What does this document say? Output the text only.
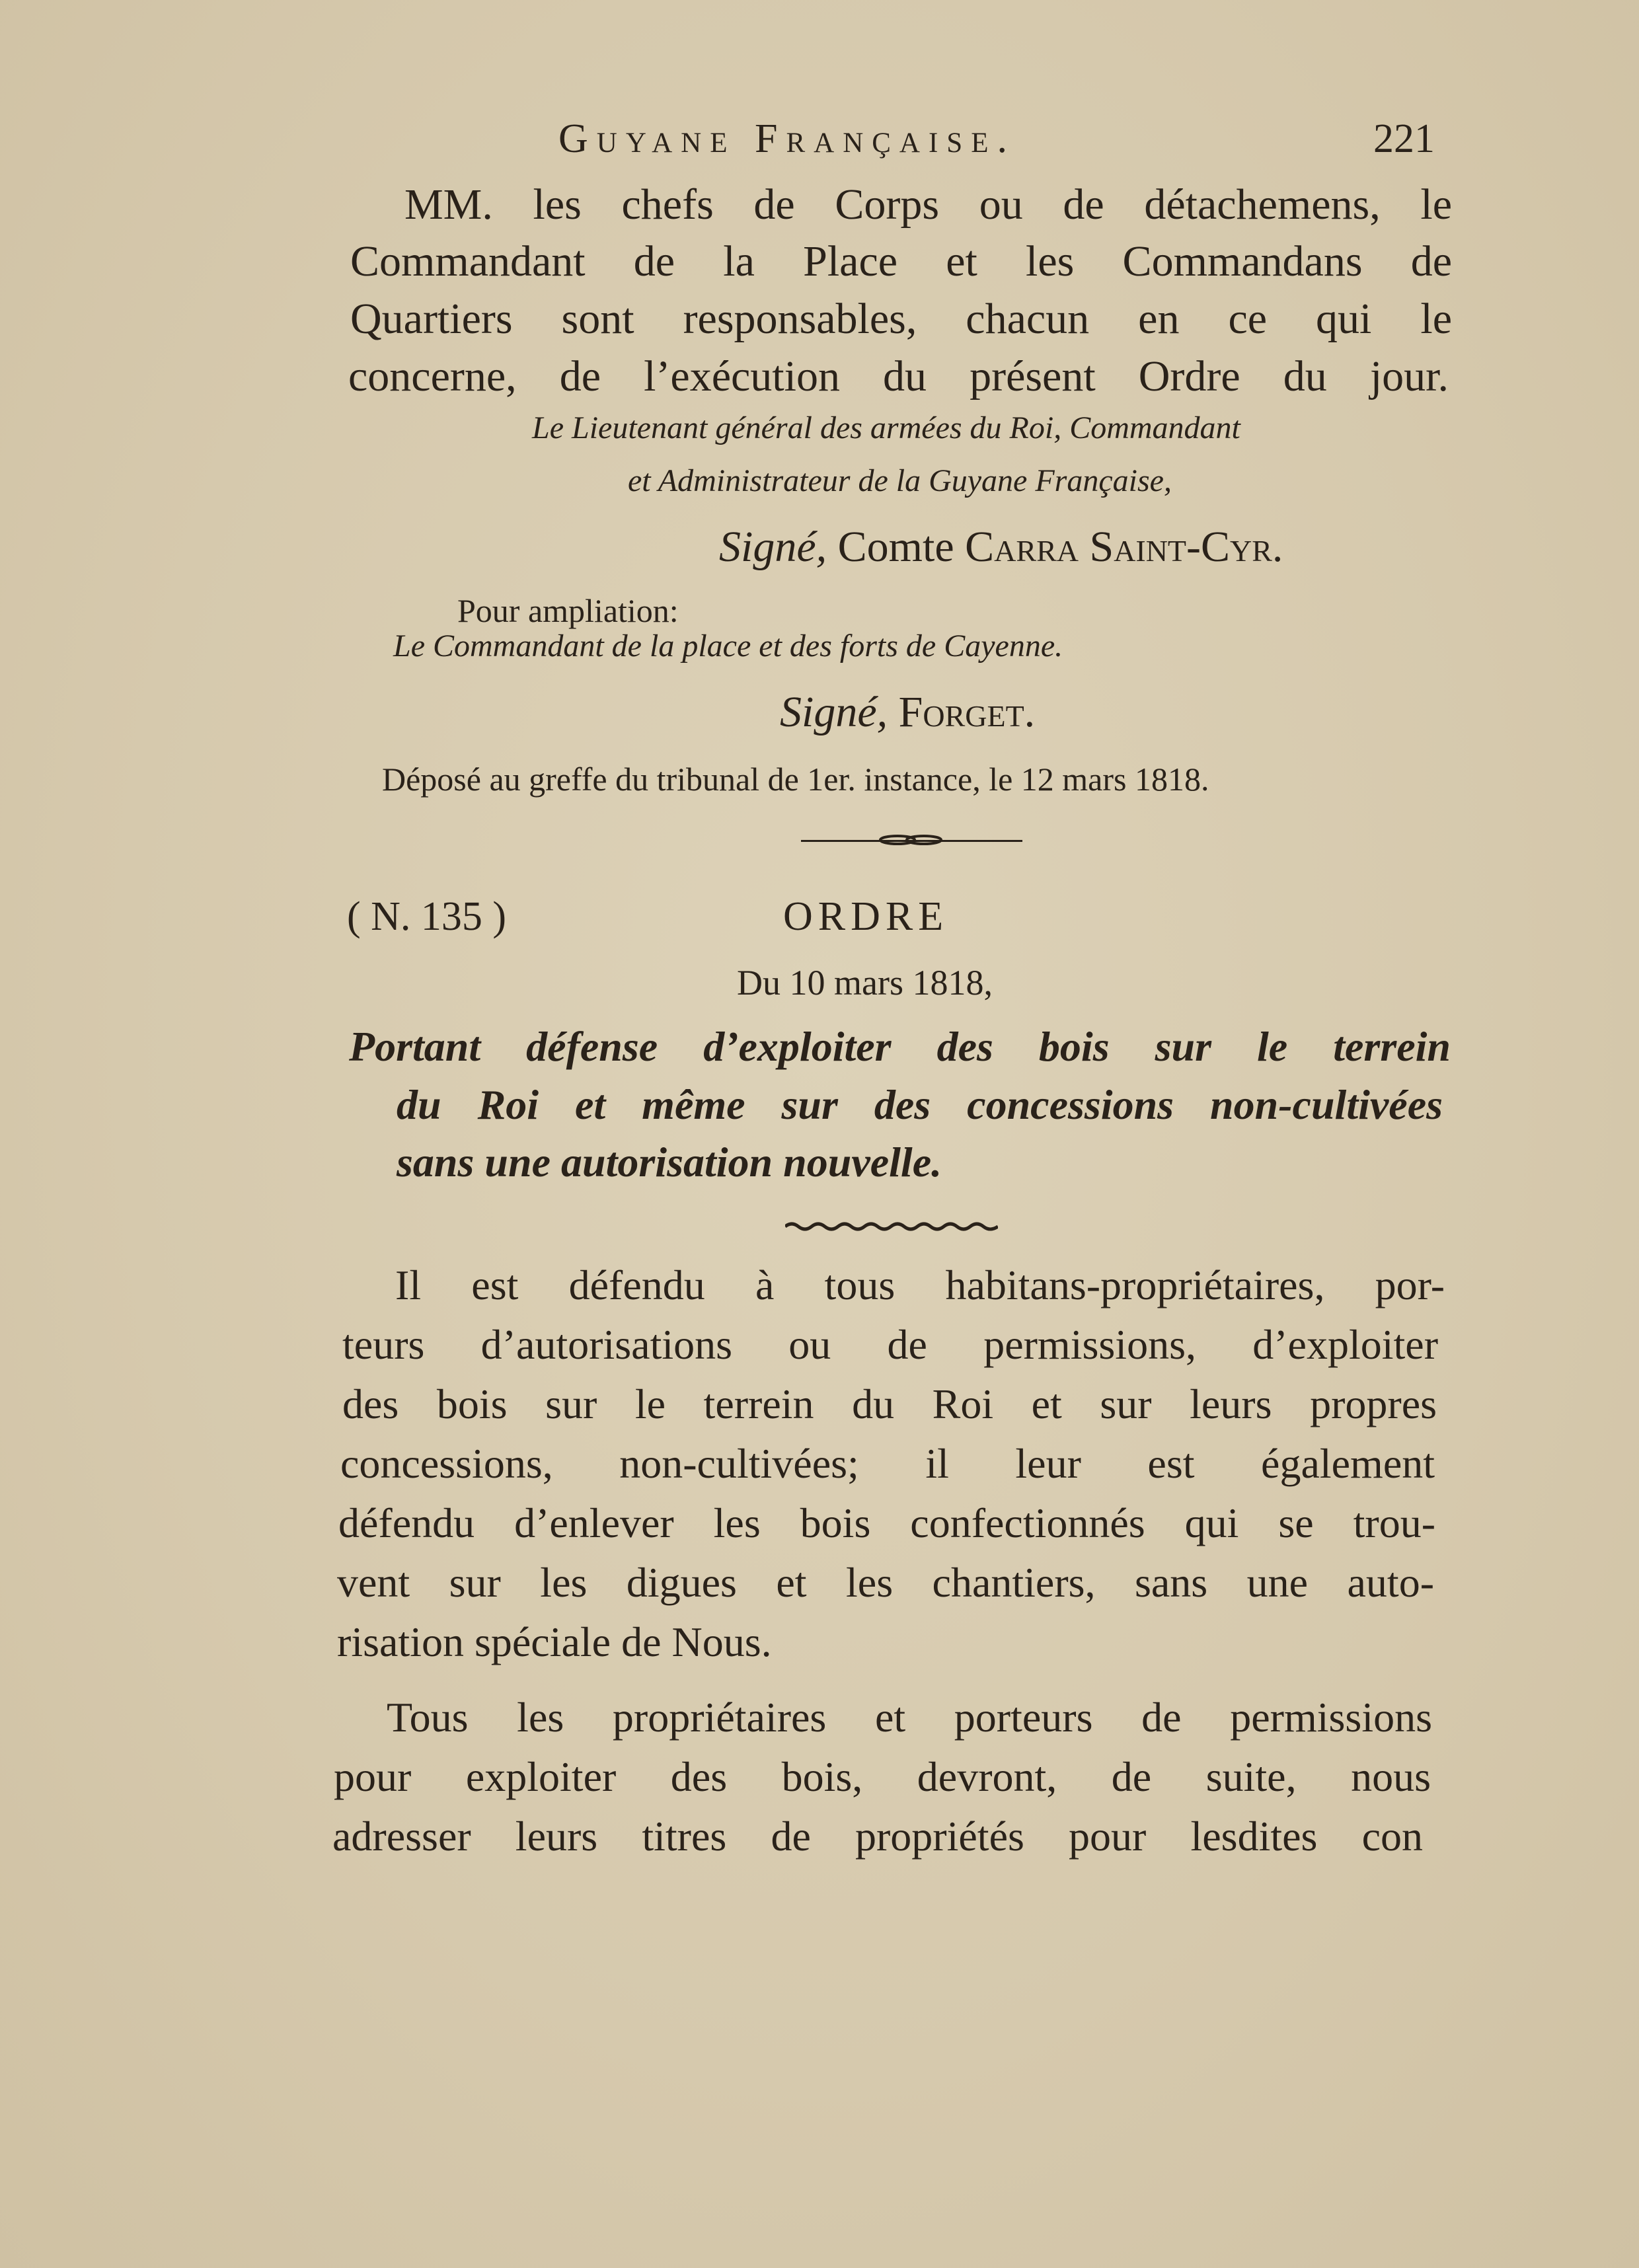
Guyane Française.	221
MM. les chefs de Corps ou de détachemens, le
Commandant de la Place et les Commandans de
Quartiers sont responsables, chacun en ce qui le
concerne, de l’exécution du présent Ordre du jour.
Le Lieutenant général des armées du Roi, Commandant
et Administrateur de la Guyane Française,
Signé, Comte Carra Saint-Cyr.
Pour ampliation:
Le Commandant de la place et des forts de Cayenne.
Signé, Forget.
Déposé au greffe du tribunal de 1er. instance, le 12 mars 1818.
( N. 135 )	ORDRE
Du 10 mars 1818,
Portant défense d’exploiter des bois sur le terrein
du Roi et même sur des concessions non-cultivées
sans une autorisation nouvelle.
Il est défendu à tous habitans-propriétaires, por-
teurs d’autorisations ou de permissions, d’exploiter
des bois sur le terrein du Roi et sur leurs propres
concessions, non-cultivées; il leur est également
défendu d’enlever les bois confectionnés qui se trou-
vent sur les digues et les chantiers, sans une auto-
risation spéciale de Nous.
Tous les propriétaires et porteurs de permissions
pour exploiter des bois, devront, de suite, nous
adresser leurs titres de propriétés pour lesdites con
